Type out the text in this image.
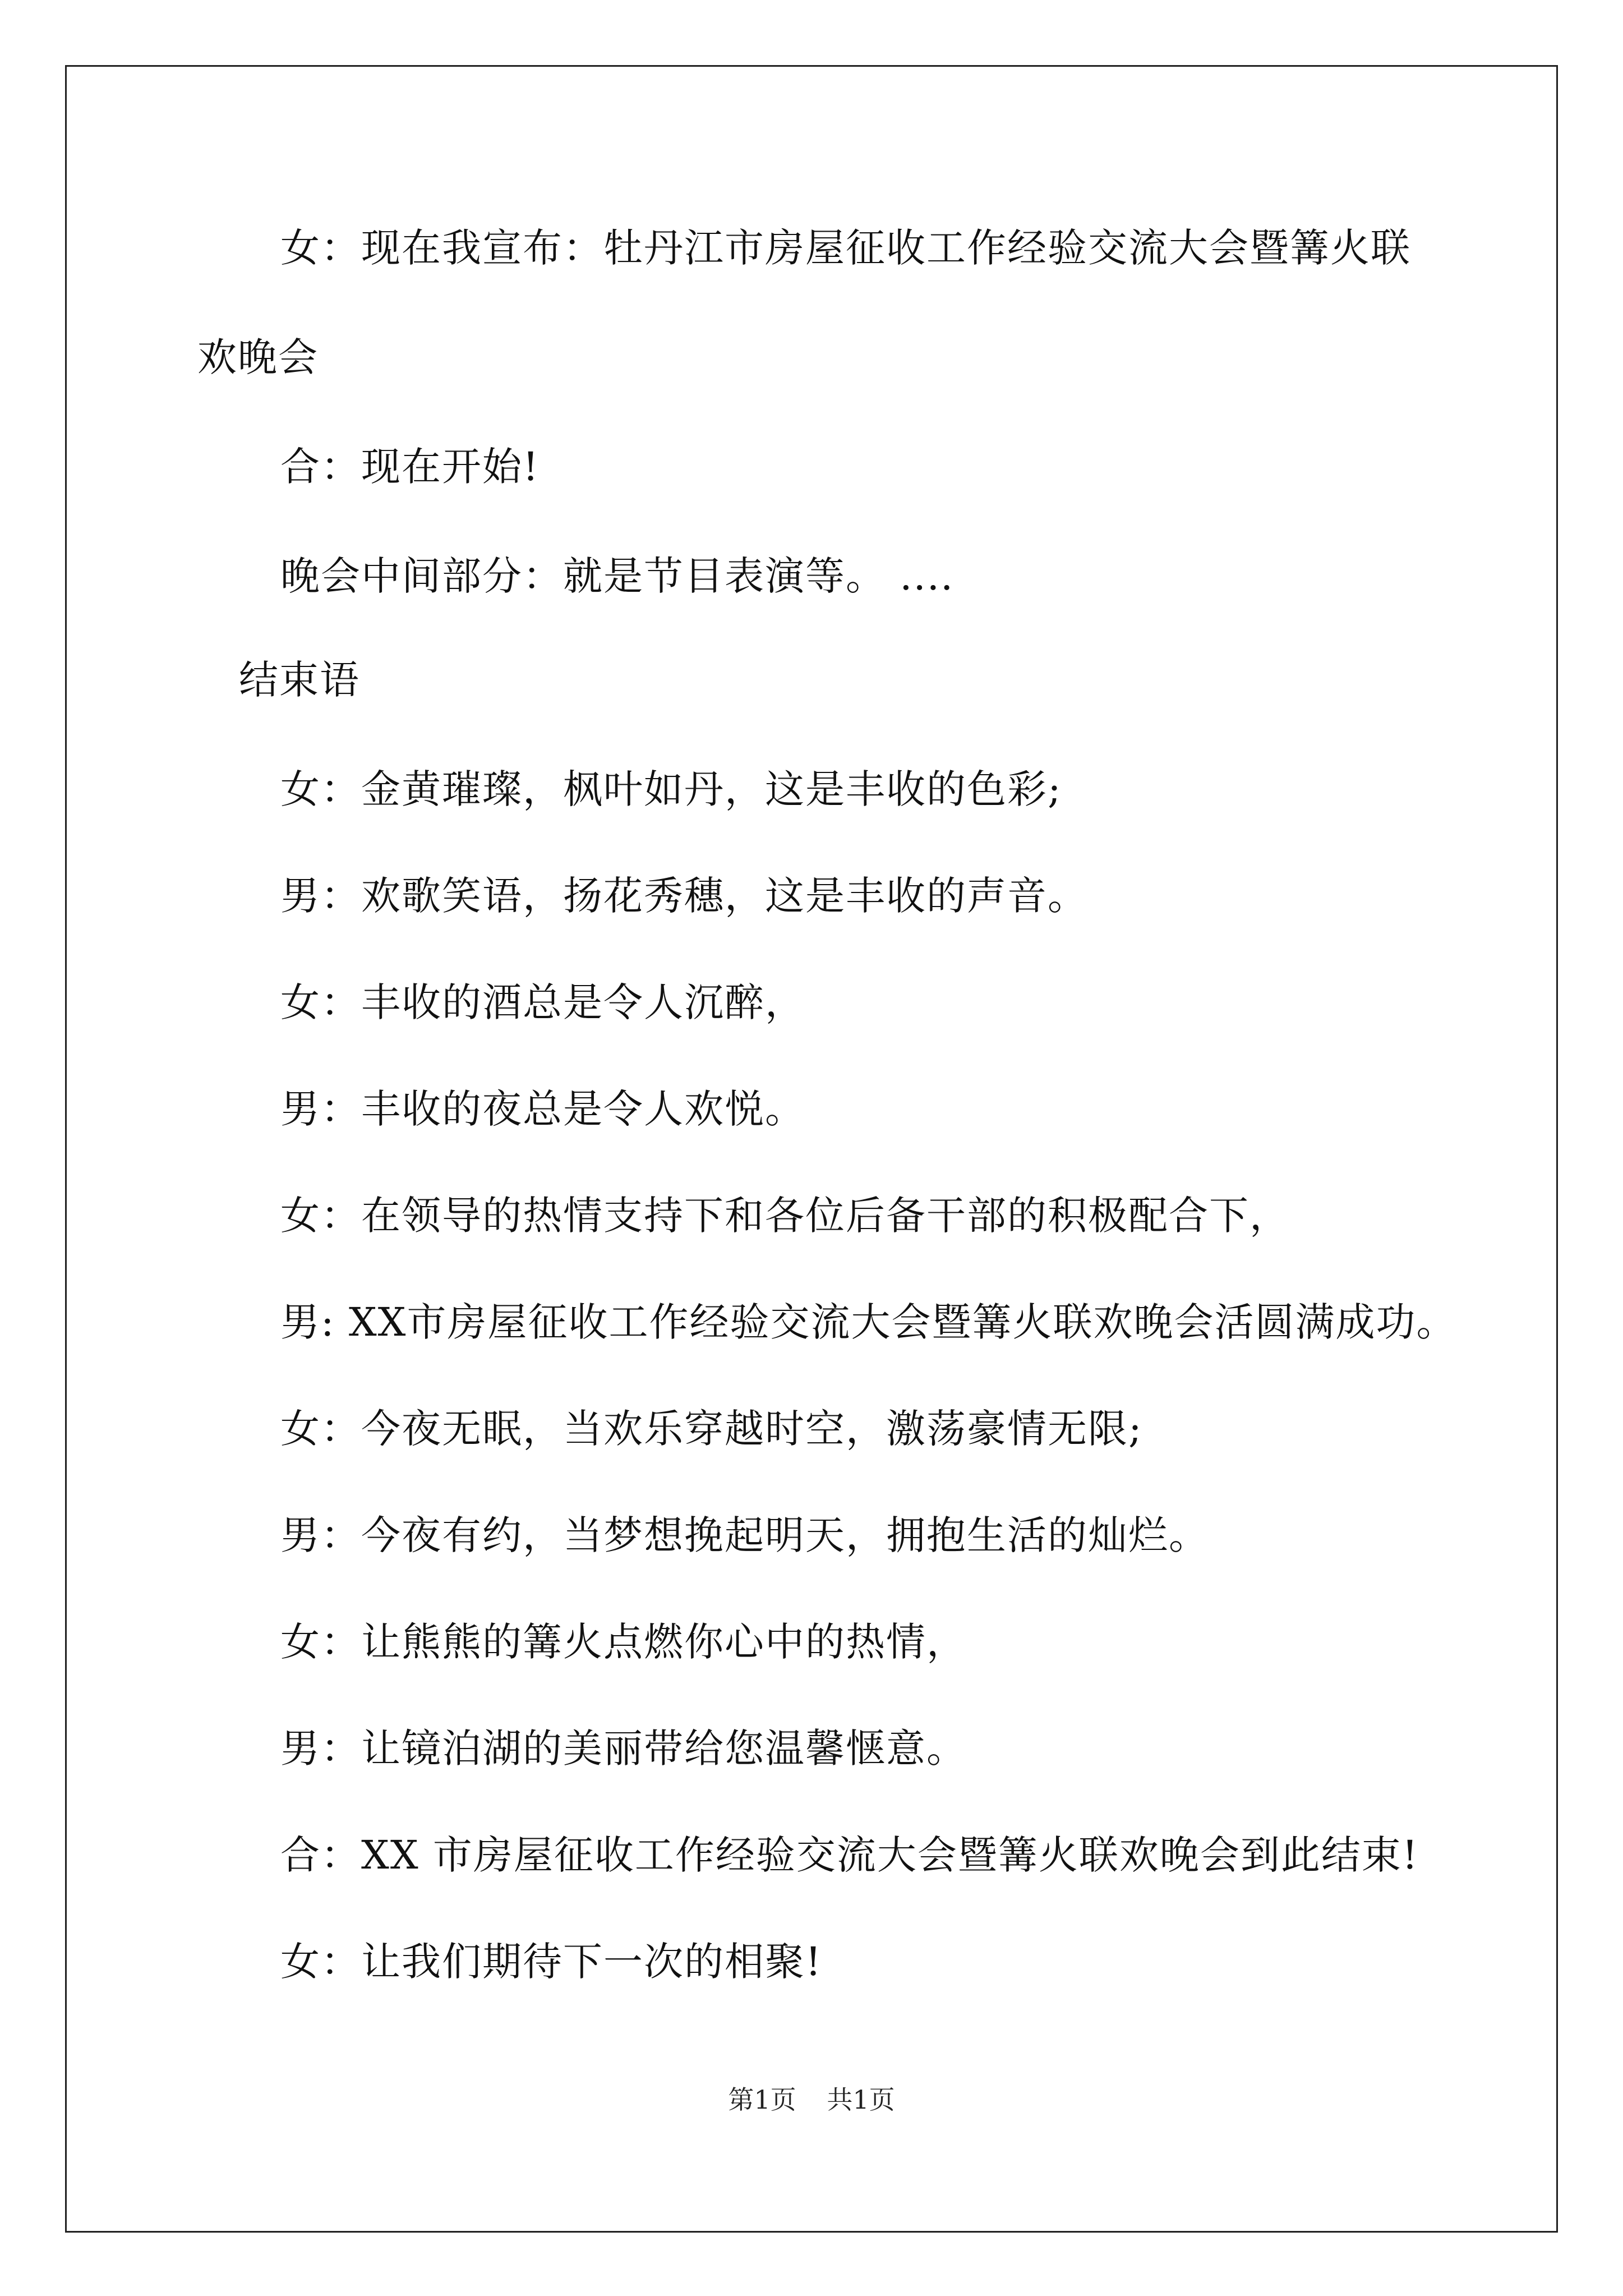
女：现在我宣布：牡丹江市房屋征收工作经验交流大会暨篝火联
欢晚会
合：现在开始!
晚会中间部分：就是节目表演等。 ....
结束语
女：金黄璀璨，枫叶如丹，这是丰收的色彩;
男：欢歌笑语，扬花秀穗，这是丰收的声音。
女：丰收的酒总是令人沉醉，
男：丰收的夜总是令人欢悦。
女：在领导的热情支持下和各位后备干部的积极配合下，
男: XX市房屋征收工作经验交流大会暨篝火联欢晚会活圆满成功。
女：今夜无眠，当欢乐穿越时空，激荡豪情无限;
男：今夜有约，当梦想挽起明天，拥抱生活的灿烂。
女：让熊熊的篝火点燃你心中的热情，
男：让镜泊湖的美丽带给您温馨惬意。
合：XX 市房屋征收工作经验交流大会暨篝火联欢晚会到此结束!
女：让我们期待下一次的相聚!
第1页 共1页
